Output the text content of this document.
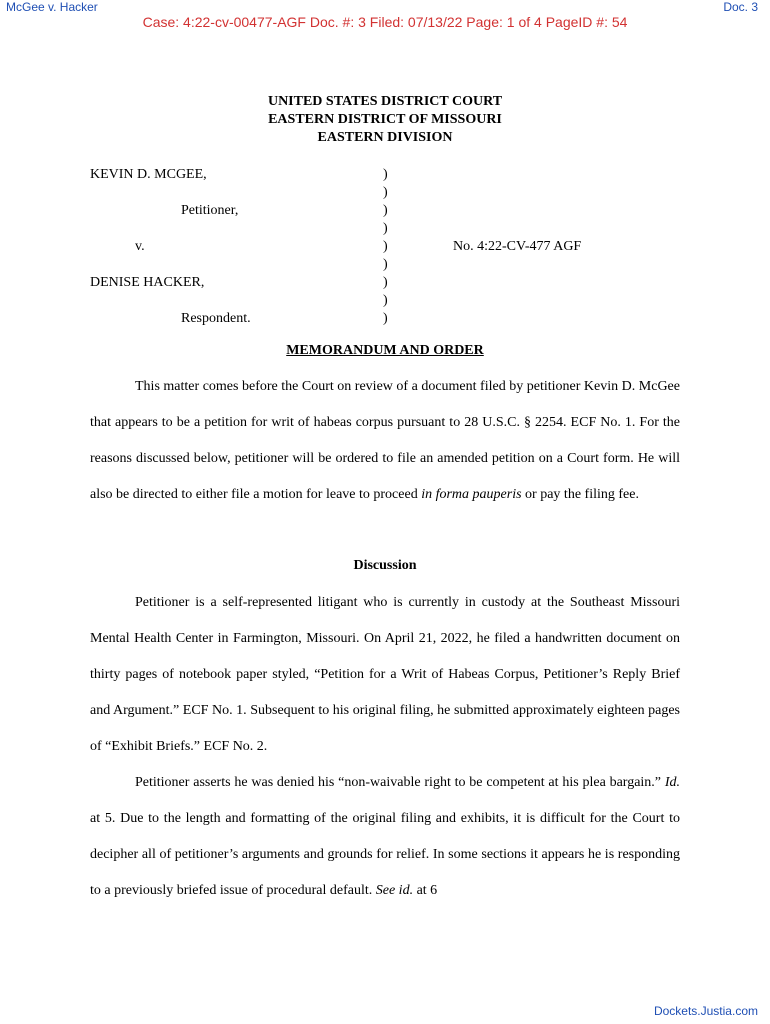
McGee v. Hacker	Doc. 3
Case: 4:22-cv-00477-AGF Doc. #: 3 Filed: 07/13/22 Page: 1 of 4 PageID #: 54
UNITED STATES DISTRICT COURT
EASTERN DISTRICT OF MISSOURI
EASTERN DIVISION
KEVIN D. MCGEE,
Petitioner,
v.	No. 4:22-CV-477 AGF
DENISE HACKER,
Respondent.
)
)
)
)
)
)
)
)
)
MEMORANDUM AND ORDER

This matter comes before the Court on review of a document filed by petitioner Kevin D. McGee that appears to be a petition for writ of habeas corpus pursuant to 28 U.S.C. § 2254. ECF No. 1. For the reasons discussed below, petitioner will be ordered to file an amended petition on a Court form. He will also be directed to either file a motion for leave to proceed in forma pauperis or pay the filing fee.

Discussion

Petitioner is a self-represented litigant who is currently in custody at the Southeast Missouri Mental Health Center in Farmington, Missouri. On April 21, 2022, he filed a handwritten document on thirty pages of notebook paper styled, “Petition for a Writ of Habeas Corpus, Petitioner’s Reply Brief and Argument.” ECF No. 1. Subsequent to his original filing, he submitted approximately eighteen pages of “Exhibit Briefs.” ECF No. 2.

Petitioner asserts he was denied his “non-waivable right to be competent at his plea bargain.” Id. at 5. Due to the length and formatting of the original filing and exhibits, it is difficult for the Court to decipher all of petitioner’s arguments and grounds for relief. In some sections it appears he is responding to a previously briefed issue of procedural default. See id. at 6

Dockets.Justia.com
